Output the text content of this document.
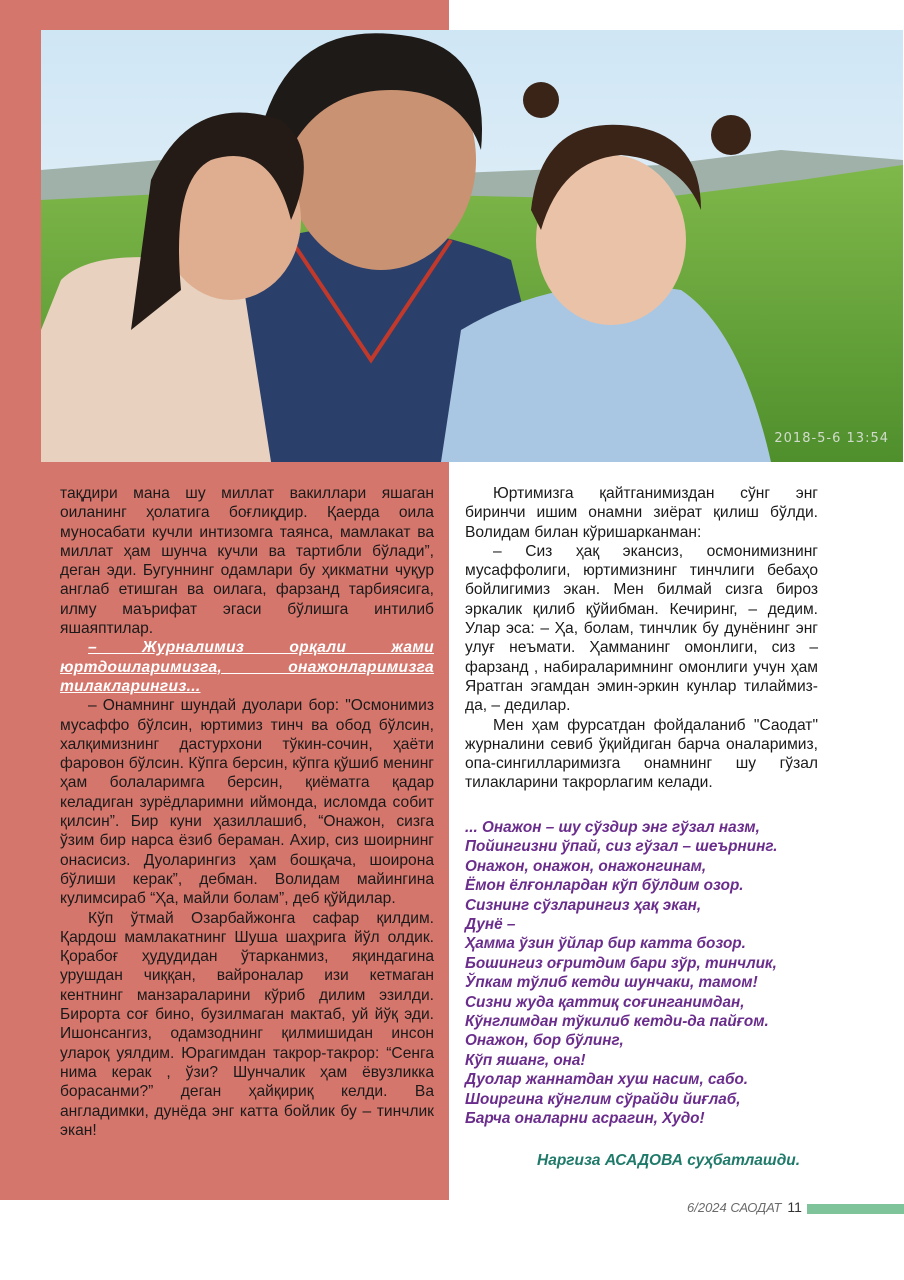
2018-5-6 13:54

тақдири мана шу миллат вакиллари яшаган оиланинг ҳолатига боғлиқдир. Қаерда оила муносабати кучли интизомга таянса, мамлакат ва миллат ҳам шунча кучли ва тартибли бўлади”, деган эди. Бугуннинг одамлари бу ҳикматни чуқур англаб етишган ва оилага, фарзанд тарбиясига, илму маърифат эгаси бўлишга интилиб яшаяптилар.

– Журналимиз орқали жами юртдошларимизга, онажонларимизга тилакларингиз...

– Онамнинг шундай дуолари бор: "Осмонимиз мусаффо бўлсин, юртимиз тинч ва обод бўлсин, халқимизнинг дастурхони тўкин-сочин, ҳаёти фаровон бўлсин. Кўпга берсин, кўпга қўшиб менинг ҳам болаларимга берсин, қиёматга қадар келадиган зурёдларимни иймонда, исломда собит қилсин”. Бир куни ҳазиллашиб, “Онажон, сизга ўзим бир нарса ёзиб бераман. Ахир, сиз шоирнинг онасисиз. Дуоларингиз ҳам бошқача, шоирона бўлиши керак”, дебман. Волидам майингина кулимсираб “Ҳа, майли болам”, деб қўйдилар.

Кўп ўтмай Озарбайжонга сафар қилдим. Қардош мамлакатнинг Шуша шаҳрига йўл олдик. Қорабоғ ҳудудидан ўтарканмиз, яқиндагина урушдан чиққан, вайроналар изи кетмаган кентнинг манзараларини кўриб дилим эзилди. Бирорта соғ бино, бузилмаган мактаб, уй йўқ эди. Ишонсангиз, одамзоднинг қилмишидан инсон улароқ уялдим. Юрагимдан такрор-такрор: “Сенга нима керак , ўзи? Шунчалик ҳам ёвузликка борасанми?” деган ҳайқириқ келди. Ва англадимки, дунёда энг катта бойлик бу – тинчлик экан!

Юртимизга қайтганимиздан сўнг энг биринчи ишим онамни зиёрат қилиш бўлди. Волидам билан кўришарканман:

– Сиз ҳақ экансиз, осмонимизнинг мусаффолиги, юртимизнинг тинчлиги бебаҳо бойлигимиз экан. Мен билмай сизга бироз эркалик қилиб қўйибман. Кечиринг, – дедим. Улар эса: – Ҳа, болам, тинчлик бу дунёнинг энг улуғ неъмати. Ҳамманинг омонлиги, сиз – фарзанд , набираларимнинг омонлиги учун ҳам Яратган эгамдан эмин-эркин кунлар тилаймиз-да, – дедилар.

Мен ҳам фурсатдан фойдаланиб "Саодат" журналини севиб ўқийдиган барча оналаримиз, опа-сингилларимизга онамнинг шу гўзал тилакларини такрорлагим келади.

... Онажон – шу сўздир энг гўзал назм,
Пойингизни ўпай, сиз гўзал – шеърнинг.
Онажон, онажон, онажонгинам,
Ёмон ёлғонлардан кўп бўлдим озор.
Сизнинг сўзларингиз ҳақ экан,
Дунё –
Ҳамма ўзин ўйлар бир катта бозор.
Бошингиз оғритдим бари зўр, тинчлик,
Ўпкам тўлиб кетди шунчаки, тамом!
Сизни жуда қаттиқ соғинганимдан,
Кўнглимдан тўкилиб кетди-да пайғом.
Онажон, бор бўлинг,
Кўп яшанг, она!
Дуолар жаннатдан хуш насим, сабо.
Шоиргина кўнглим сўрайди йиғлаб,
Барча оналарни асрагин, Худо!
Наргиза АСАДОВА суҳбатлашди.
6/2024 САОДАТ 11
